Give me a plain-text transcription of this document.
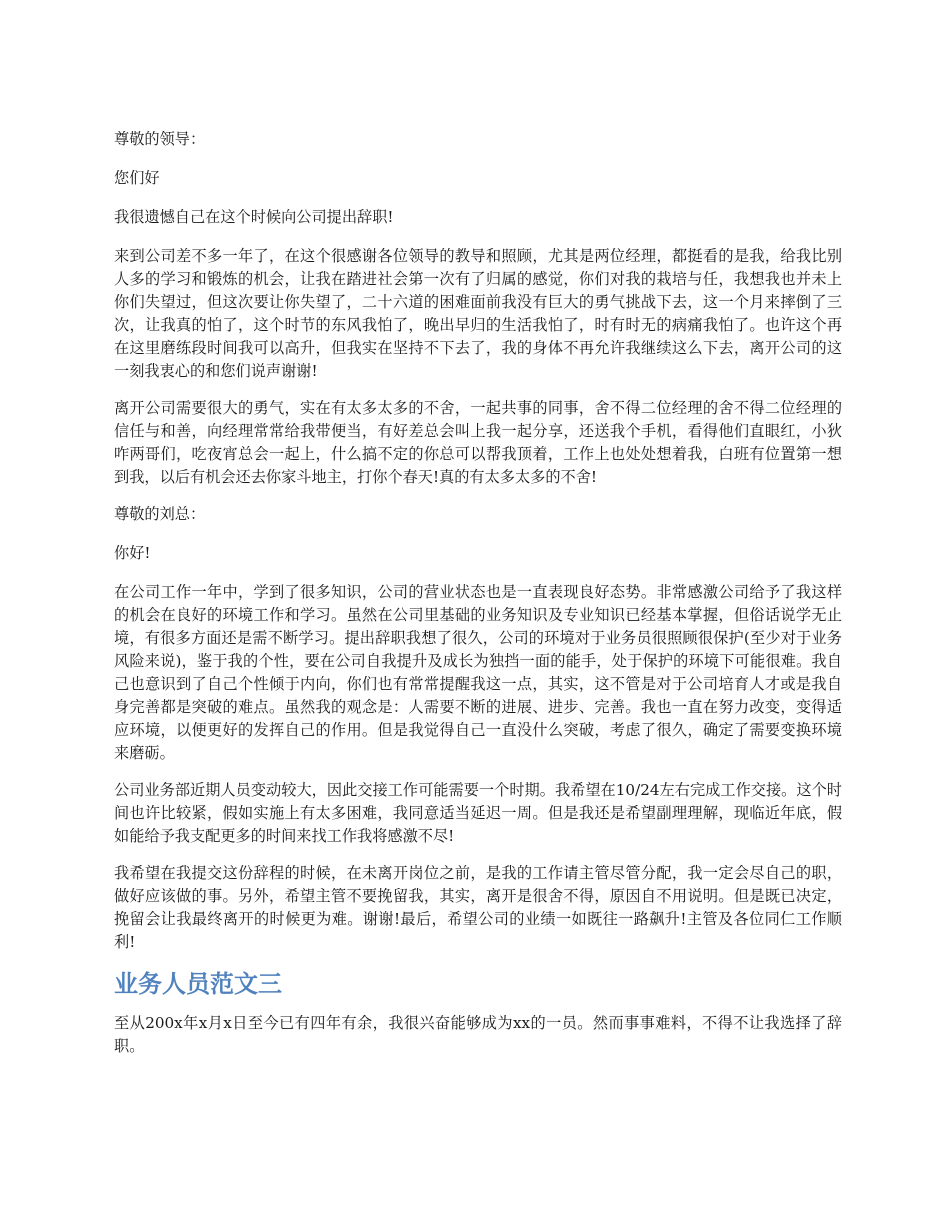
尊敬的领导：

您们好

我很遗憾自己在这个时候向公司提出辞职!

来到公司差不多一年了，在这个很感谢各位领导的教导和照顾，尤其是两位经理，都挺看的是我，给我比别人多的学习和锻炼的机会，让我在踏进社会第一次有了归属的感觉，你们对我的栽培与任，我想我也并未上你们失望过，但这次要让你失望了，二十六道的困难面前我没有巨大的勇气挑战下去，这一个月来摔倒了三次，让我真的怕了，这个时节的东风我怕了，晚出早归的生活我怕了，时有时无的病痛我怕了。也许这个再在这里磨练段时间我可以高升，但我实在坚持不下去了，我的身体不再允许我继续这么下去，离开公司的这一刻我衷心的和您们说声谢谢!

离开公司需要很大的勇气，实在有太多太多的不舍，一起共事的同事，舍不得二位经理的舍不得二位经理的信任与和善，向经理常常给我带便当，有好差总会叫上我一起分享，还送我个手机，看得他们直眼红，小狄咋两哥们，吃夜宵总会一起上，什么搞不定的你总可以帮我顶着，工作上也处处想着我，白班有位置第一想到我，以后有机会还去你家斗地主，打你个春天!真的有太多太多的不舍!

尊敬的刘总：

你好!

在公司工作一年中，学到了很多知识，公司的营业状态也是一直表现良好态势。非常感激公司给予了我这样的机会在良好的环境工作和学习。虽然在公司里基础的业务知识及专业知识已经基本掌握，但俗话说学无止境，有很多方面还是需不断学习。提出辞职我想了很久，公司的环境对于业务员很照顾很保护(至少对于业务风险来说)，鉴于我的个性，要在公司自我提升及成长为独挡一面的能手，处于保护的环境下可能很难。我自己也意识到了自己个性倾于内向，你们也有常常提醒我这一点，其实，这不管是对于公司培育人才或是我自身完善都是突破的难点。虽然我的观念是：人需要不断的进展、进步、完善。我也一直在努力改变，变得适应环境，以便更好的发挥自己的作用。但是我觉得自己一直没什么突破，考虑了很久，确定了需要变换环境来磨砺。

公司业务部近期人员变动较大，因此交接工作可能需要一个时期。我希望在10/24左右完成工作交接。这个时间也许比较紧，假如实施上有太多困难，我同意适当延迟一周。但是我还是希望副理理解，现临近年底，假如能给予我支配更多的时间来找工作我将感激不尽!

我希望在我提交这份辞程的时候，在未离开岗位之前，是我的工作请主管尽管分配，我一定会尽自己的职，做好应该做的事。另外，希望主管不要挽留我，其实，离开是很舍不得，原因自不用说明。但是既已决定，挽留会让我最终离开的时候更为难。谢谢!最后，希望公司的业绩一如既往一路飙升!主管及各位同仁工作顺利!

业务人员范文三

至从200x年x月x日至今已有四年有余，我很兴奋能够成为xx的一员。然而事事难料，不得不让我选择了辞职。
